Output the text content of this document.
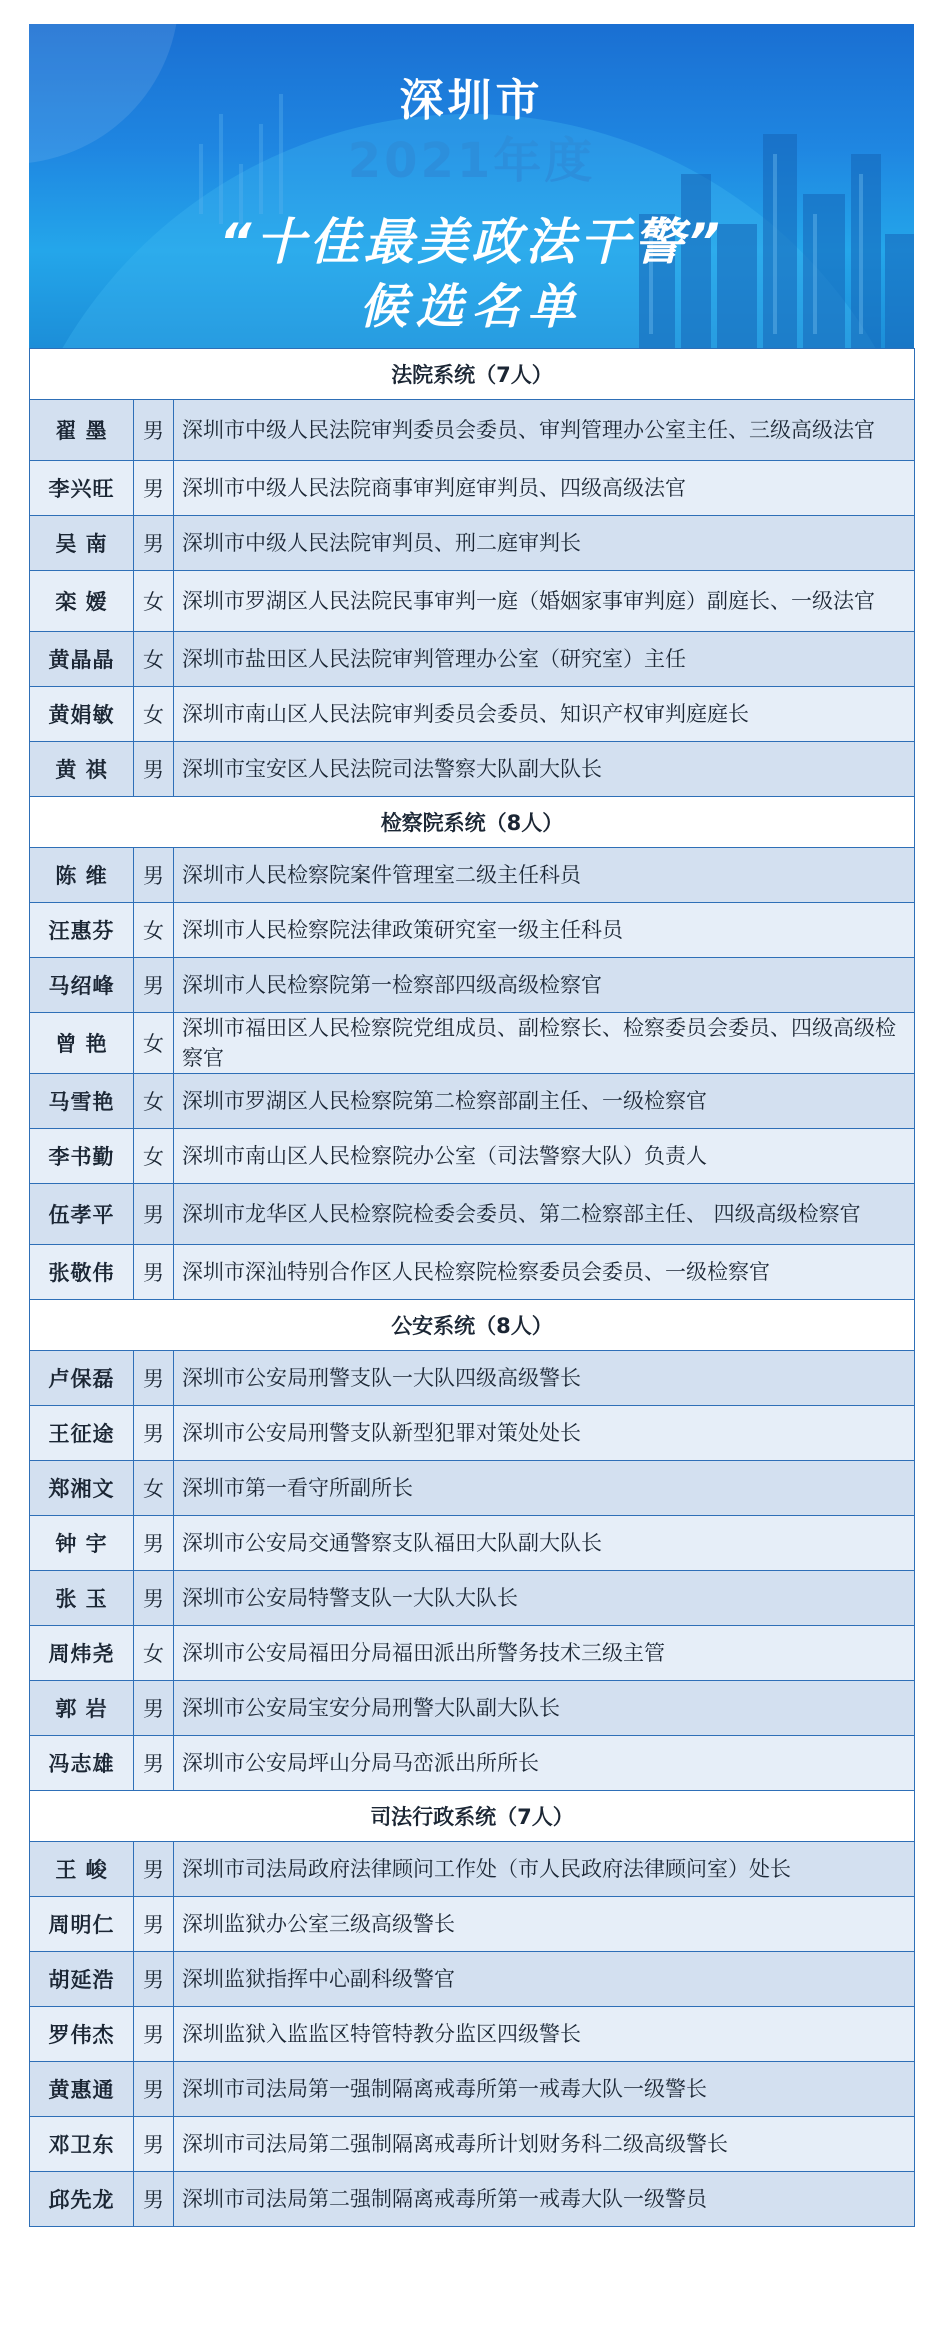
深圳市
2021年度
“十佳最美政法干警”
候选名单
法院系统（7人）		
翟 墨	男	深圳市中级人民法院审判委员会委员、审判管理办公室主任、三级高级法官
李兴旺	男	深圳市中级人民法院商事审判庭审判员、四级高级法官
吴 南	男	深圳市中级人民法院审判员、刑二庭审判长
栾 嫒	女	深圳市罗湖区人民法院民事审判一庭（婚姻家事审判庭）副庭长、一级法官
黄晶晶	女	深圳市盐田区人民法院审判管理办公室（研究室）主任
黄娟敏	女	深圳市南山区人民法院审判委员会委员、知识产权审判庭庭长
黄 祺	男	深圳市宝安区人民法院司法警察大队副大队长
检察院系统（8人）		
陈 维	男	深圳市人民检察院案件管理室二级主任科员
汪惠芬	女	深圳市人民检察院法律政策研究室一级主任科员
马绍峰	男	深圳市人民检察院第一检察部四级高级检察官
曾 艳	女	深圳市福田区人民检察院党组成员、副检察长、检察委员会委员、四级高级检察官
马雪艳	女	深圳市罗湖区人民检察院第二检察部副主任、一级检察官
李书勤	女	深圳市南山区人民检察院办公室（司法警察大队）负责人
伍孝平	男	深圳市龙华区人民检察院检委会委员、第二检察部主任、 四级高级检察官
张敬伟	男	深圳市深汕特别合作区人民检察院检察委员会委员、一级检察官
公安系统（8人）		
卢保磊	男	深圳市公安局刑警支队一大队四级高级警长
王征途	男	深圳市公安局刑警支队新型犯罪对策处处长
郑湘文	女	深圳市第一看守所副所长
钟 宇	男	深圳市公安局交通警察支队福田大队副大队长
张 玉	男	深圳市公安局特警支队一大队大队长
周炜尧	女	深圳市公安局福田分局福田派出所警务技术三级主管
郭 岩	男	深圳市公安局宝安分局刑警大队副大队长
冯志雄	男	深圳市公安局坪山分局马峦派出所所长
司法行政系统（7人）		
王 峻	男	深圳市司法局政府法律顾问工作处（市人民政府法律顾问室）处长
周明仁	男	深圳监狱办公室三级高级警长
胡延浩	男	深圳监狱指挥中心副科级警官
罗伟杰	男	深圳监狱入监监区特管特教分监区四级警长
黄惠通	男	深圳市司法局第一强制隔离戒毒所第一戒毒大队一级警长
邓卫东	男	深圳市司法局第二强制隔离戒毒所计划财务科二级高级警长
邱先龙	男	深圳市司法局第二强制隔离戒毒所第一戒毒大队一级警员
